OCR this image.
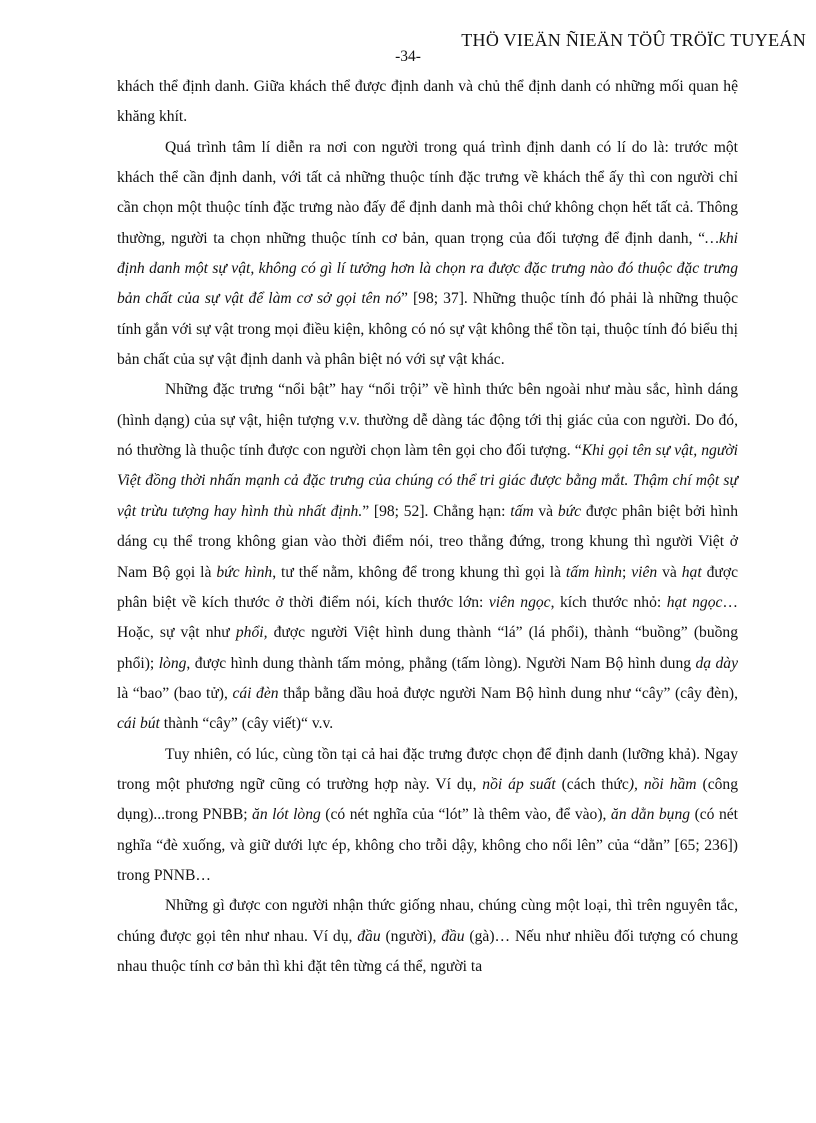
THÖ VIEÄN ÑIEÄN TÖÛ TRÖÏC TUYEÁN
-34-

khách thể định danh. Giữa khách thể được định danh và chủ thể định danh có những mối quan hệ khăng khít.

Quá trình tâm lí diễn ra nơi con người trong quá trình định danh có lí do là: trước một khách thể cần định danh, với tất cả những thuộc tính đặc trưng về khách thể ấy thì con người chỉ cần chọn một thuộc tính đặc trưng nào đấy để định danh mà thôi chứ không chọn hết tất cả. Thông thường, người ta chọn những thuộc tính cơ bản, quan trọng của đối tượng để định danh, “…khi định danh một sự vật, không có gì lí tưởng hơn là chọn ra được đặc trưng nào đó thuộc đặc trưng bản chất của sự vật để làm cơ sở gọi tên nó” [98; 37]. Những thuộc tính đó phải là những thuộc tính gắn với sự vật trong mọi điều kiện, không có nó sự vật không thể tồn tại, thuộc tính đó biểu thị bản chất của sự vật định danh và phân biệt nó với sự vật khác.

Những đặc trưng “nổi bật” hay “nổi trội” về hình thức bên ngoài như màu sắc, hình dáng (hình dạng) của sự vật, hiện tượng v.v. thường dễ dàng tác động tới thị giác của con người. Do đó, nó thường là thuộc tính được con người chọn làm tên gọi cho đối tượng. “Khi gọi tên sự vật, người Việt đồng thời nhấn mạnh cả đặc trưng của chúng có thể tri giác được bằng mắt. Thậm chí một sự vật trừu tượng hay hình thù nhất định.” [98; 52]. Chẳng hạn: tấm và bức được phân biệt bởi hình dáng cụ thể trong không gian vào thời điểm nói, treo thẳng đứng, trong khung thì người Việt ở Nam Bộ gọi là bức hình, tư thế nằm, không để trong khung thì gọi là tấm hình; viên và hạt được phân biệt về kích thước ở thời điểm nói, kích thước lớn: viên ngọc, kích thước nhỏ: hạt ngọc… Hoặc, sự vật như phổi, được người Việt hình dung thành “lá” (lá phổi), thành “buồng” (buồng phổi); lòng, được hình dung thành tấm mỏng, phẳng (tấm lòng). Người Nam Bộ hình dung dạ dày là “bao” (bao tử), cái đèn thắp bằng dầu hoả được người Nam Bộ hình dung như “cây” (cây đèn), cái bút thành “cây” (cây viết)“ v.v.

Tuy nhiên, có lúc, cùng tồn tại cả hai đặc trưng được chọn để định danh (lưỡng khả). Ngay trong một phương ngữ cũng có trường hợp này. Ví dụ, nồi áp suất (cách thức), nồi hầm (công dụng)...trong PNBB; ăn lót lòng (có nét nghĩa của “lót” là thêm vào, để vào), ăn dằn bụng (có nét nghĩa “đè xuống, và giữ dưới lực ép, không cho trỗi dậy, không cho nổi lên” của “dằn” [65; 236]) trong PNNB…

Những gì được con người nhận thức giống nhau, chúng cùng một loại, thì trên nguyên tắc, chúng được gọi tên như nhau. Ví dụ, đầu (người), đầu (gà)… Nếu như nhiều đối tượng có chung nhau thuộc tính cơ bản thì khi đặt tên từng cá thể, người ta
